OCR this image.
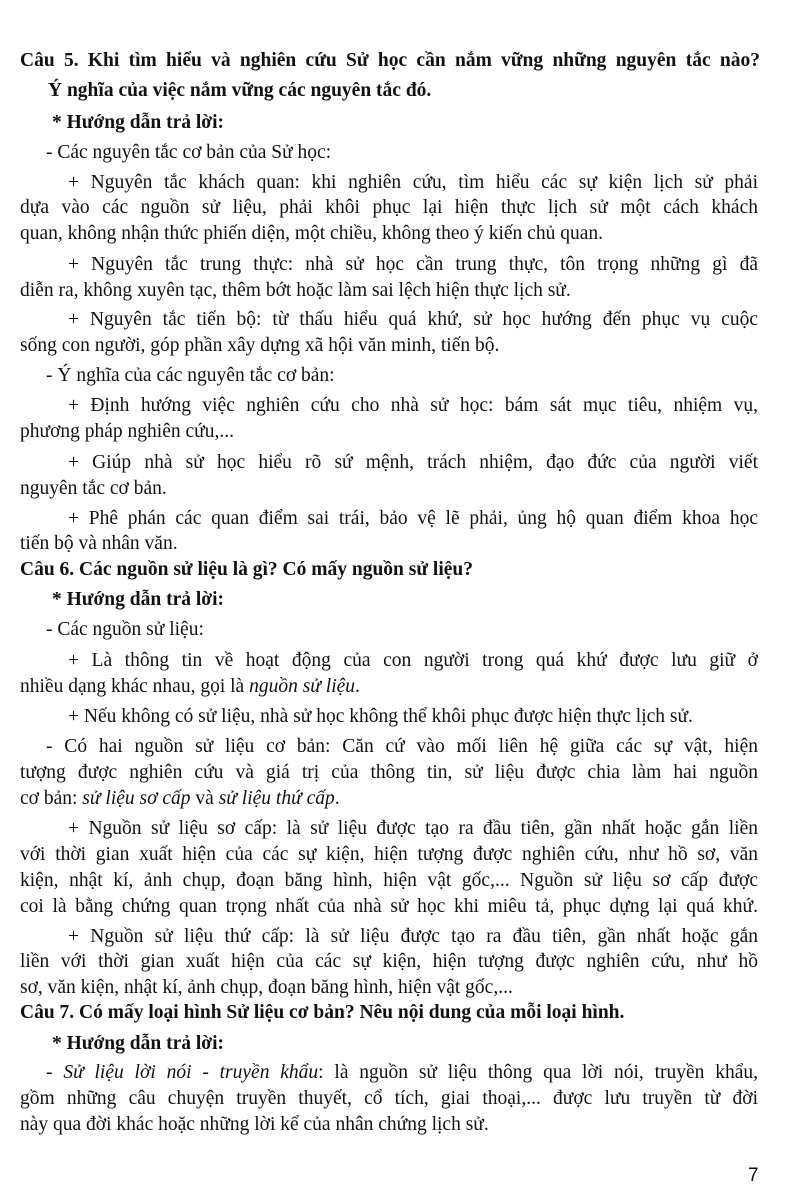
Câu 5. Khi tìm hiểu và nghiên cứu Sử học cần nắm vững những nguyên tắc nào?
Ý nghĩa của việc nắm vững các nguyên tắc đó.
* Hướng dẫn trả lời:
- Các nguyên tắc cơ bản của Sử học:
+ Nguyên tắc khách quan: khi nghiên cứu, tìm hiểu các sự kiện lịch sử phải
dựa vào các nguồn sử liệu, phải khôi phục lại hiện thực lịch sử một cách khách
quan, không nhận thức phiến diện, một chiều, không theo ý kiến chủ quan.
+ Nguyên tắc trung thực: nhà sử học cần trung thực, tôn trọng những gì đã
diễn ra, không xuyên tạc, thêm bớt hoặc làm sai lệch hiện thực lịch sử.
+ Nguyên tắc tiến bộ: từ thấu hiểu quá khứ, sử học hướng đến phục vụ cuộc
sống con người, góp phần xây dựng xã hội văn minh, tiến bộ.
- Ý nghĩa của các nguyên tắc cơ bản:
+ Định hướng việc nghiên cứu cho nhà sử học: bám sát mục tiêu, nhiệm vụ,
phương pháp nghiên cứu,...
+ Giúp nhà sử học hiểu rõ sứ mệnh, trách nhiệm, đạo đức của người viết
nguyên tắc cơ bản.
+ Phê phán các quan điểm sai trái, bảo vệ lẽ phải, ủng hộ quan điểm khoa học
tiến bộ và nhân văn.
Câu 6. Các nguồn sử liệu là gì? Có mấy nguồn sử liệu?
* Hướng dẫn trả lời:
- Các nguồn sử liệu:
+ Là thông tin về hoạt động của con người trong quá khứ được lưu giữ ở
nhiều dạng khác nhau, gọi là nguồn sử liệu.
+ Nếu không có sử liệu, nhà sử học không thể khôi phục được hiện thực lịch sử.
- Có hai nguồn sử liệu cơ bản: Căn cứ vào mối liên hệ giữa các sự vật, hiện
tượng được nghiên cứu và giá trị của thông tin, sử liệu được chia làm hai nguồn
cơ bản: sử liệu sơ cấp và sử liệu thứ cấp.
+ Nguồn sử liệu sơ cấp: là sử liệu được tạo ra đầu tiên, gần nhất hoặc gắn liền
với thời gian xuất hiện của các sự kiện, hiện tượng được nghiên cứu, như hồ sơ, văn
kiện, nhật kí, ảnh chụp, đoạn băng hình, hiện vật gốc,... Nguồn sử liệu sơ cấp được
coi là bằng chứng quan trọng nhất của nhà sử học khi miêu tả, phục dựng lại quá khứ.
+ Nguồn sử liệu thứ cấp: là sử liệu được tạo ra đầu tiên, gần nhất hoặc gắn
liền với thời gian xuất hiện của các sự kiện, hiện tượng được nghiên cứu, như hồ
sơ, văn kiện, nhật kí, ảnh chụp, đoạn băng hình, hiện vật gốc,...
Câu 7. Có mấy loại hình Sử liệu cơ bản? Nêu nội dung của mỗi loại hình.
* Hướng dẫn trả lời:
- Sử liệu lời nói - truyền khẩu: là nguồn sử liệu thông qua lời nói, truyền khẩu,
gồm những câu chuyện truyền thuyết, cổ tích, giai thoại,... được lưu truyền từ đời
này qua đời khác hoặc những lời kể của nhân chứng lịch sử.
7
